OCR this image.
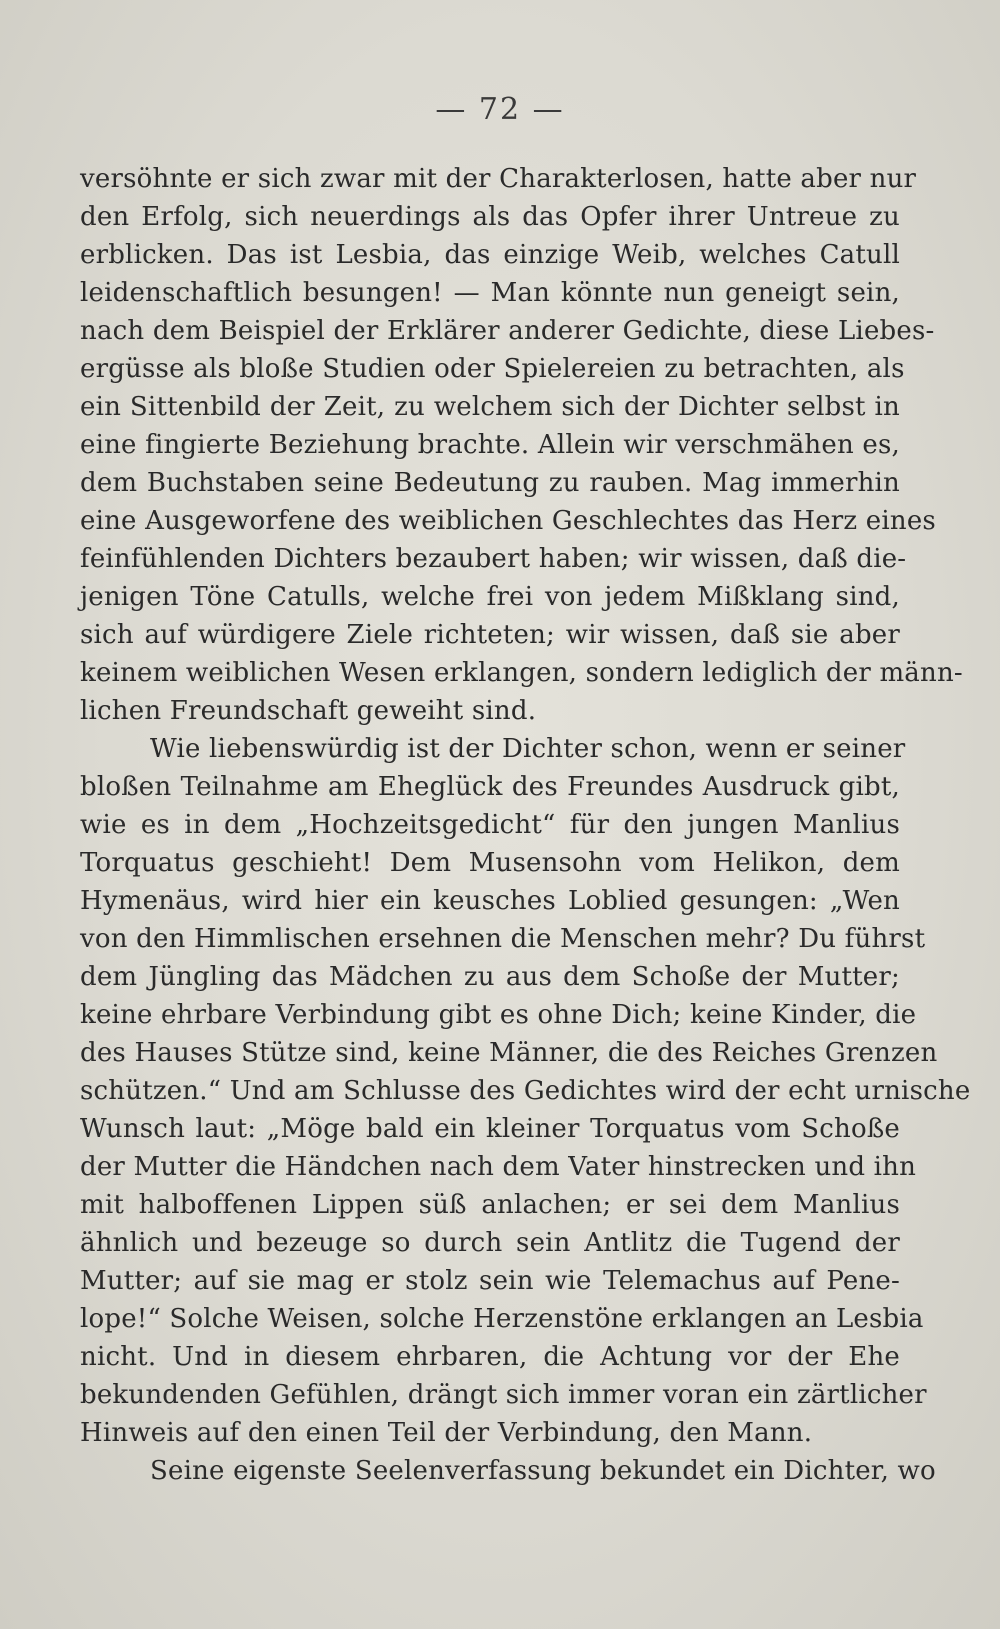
— 72 —
versöhnte er sich zwar mit der Charakterlosen, hatte aber nur
den Erfolg, sich neuerdings als das Opfer ihrer Untreue zu
erblicken. Das ist Lesbia, das einzige Weib, welches Catull
leidenschaftlich besungen! — Man könnte nun geneigt sein,
nach dem Beispiel der Erklärer anderer Gedichte, diese Liebes-
ergüsse als bloße Studien oder Spielereien zu betrachten, als
ein Sittenbild der Zeit, zu welchem sich der Dichter selbst in
eine fingierte Beziehung brachte. Allein wir verschmähen es,
dem Buchstaben seine Bedeutung zu rauben. Mag immerhin
eine Ausgeworfene des weiblichen Geschlechtes das Herz eines
feinfühlenden Dichters bezaubert haben; wir wissen, daß die-
jenigen Töne Catulls, welche frei von jedem Mißklang sind,
sich auf würdigere Ziele richteten; wir wissen, daß sie aber
keinem weiblichen Wesen erklangen, sondern lediglich der männ-
lichen Freundschaft geweiht sind.
Wie liebenswürdig ist der Dichter schon, wenn er seiner
bloßen Teilnahme am Eheglück des Freundes Ausdruck gibt,
wie es in dem „Hochzeitsgedicht“ für den jungen Manlius
Torquatus geschieht! Dem Musensohn vom Helikon, dem
Hymenäus, wird hier ein keusches Loblied gesungen: „Wen
von den Himmlischen ersehnen die Menschen mehr? Du führst
dem Jüngling das Mädchen zu aus dem Schoße der Mutter;
keine ehrbare Verbindung gibt es ohne Dich; keine Kinder, die
des Hauses Stütze sind, keine Männer, die des Reiches Grenzen
schützen.“ Und am Schlusse des Gedichtes wird der echt urnische
Wunsch laut: „Möge bald ein kleiner Torquatus vom Schoße
der Mutter die Händchen nach dem Vater hinstrecken und ihn
mit halboffenen Lippen süß anlachen; er sei dem Manlius
ähnlich und bezeuge so durch sein Antlitz die Tugend der
Mutter; auf sie mag er stolz sein wie Telemachus auf Pene-
lope!“ Solche Weisen, solche Herzenstöne erklangen an Lesbia
nicht. Und in diesem ehrbaren, die Achtung vor der Ehe
bekundenden Gefühlen, drängt sich immer voran ein zärtlicher
Hinweis auf den einen Teil der Verbindung, den Mann.
Seine eigenste Seelenverfassung bekundet ein Dichter, wo
